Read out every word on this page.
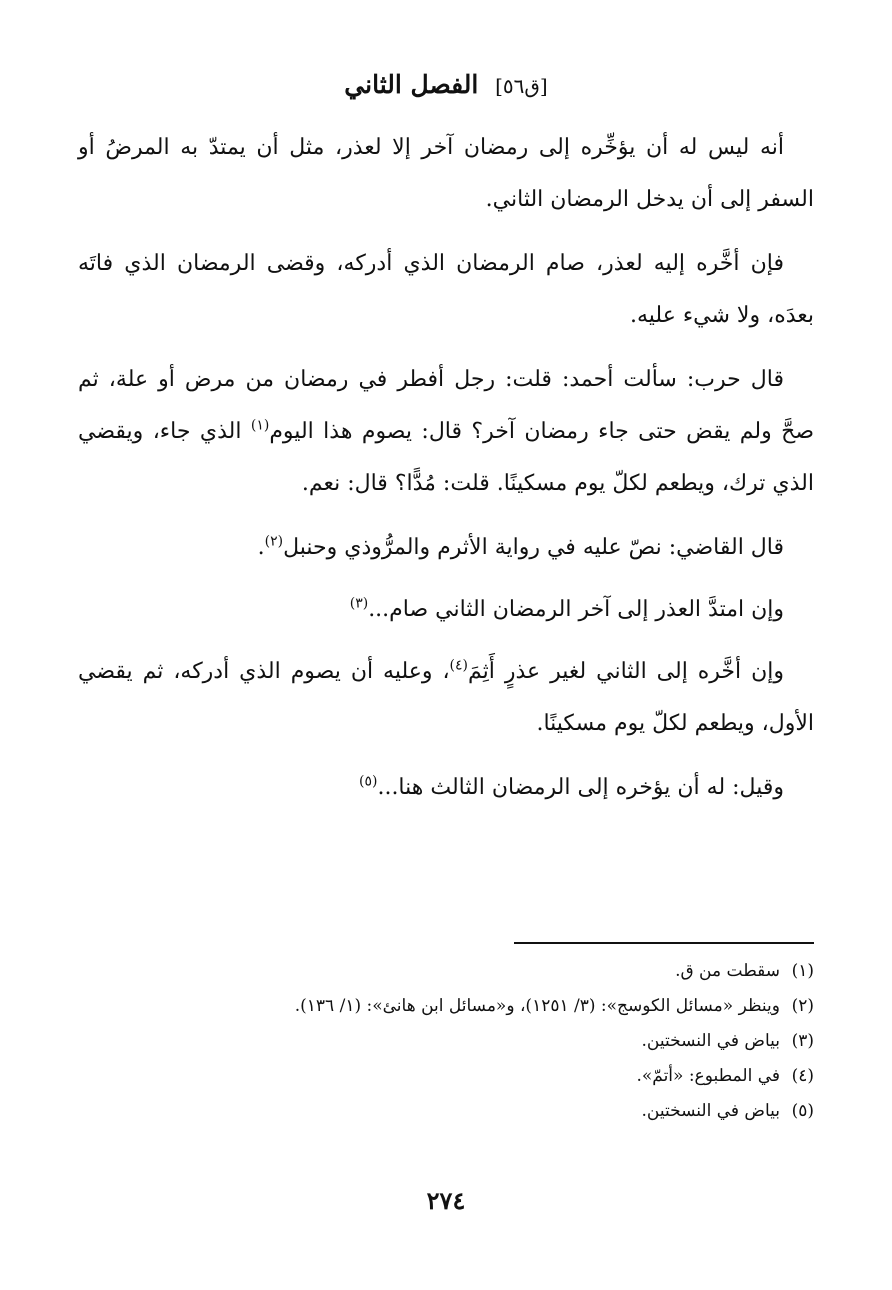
[ق٥٦] الفصل الثاني

أنه ليس له أن يؤخِّره إلى رمضان آخر إلا لعذر، مثل أن يمتدّ به المرضُ أو السفر إلى أن يدخل الرمضان الثاني.

فإن أخَّره إليه لعذر، صام الرمضان الذي أدركه، وقضى الرمضان الذي فاتَه بعدَه، ولا شيء عليه.

قال حرب: سألت أحمد: قلت: رجل أفطر في رمضان من مرض أو علة، ثم صحَّ ولم يقض حتى جاء رمضان آخر؟ قال: يصوم هذا اليوم$^{(١)}$ الذي جاء، ويقضي الذي ترك، ويطعم لكلّ يوم مسكينًا. قلت: مُدًّا؟ قال: نعم.

قال القاضي: نصّ عليه في رواية الأثرم والمرُّوذي وحنبل$^{(٢)}$.

وإن امتدَّ العذر إلى آخر الرمضان الثاني صام...$^{(٣)}$

وإن أخَّره إلى الثاني لغير عذرٍ أَثِمَ$^{(٤)}$، وعليه أن يصوم الذي أدركه، ثم يقضي الأول، ويطعم لكلّ يوم مسكينًا.

وقيل: له أن يؤخره إلى الرمضان الثالث هنا...$^{(٥)}$

(١)سقطت من ق.
(٢)وينظر «مسائل الكوسج»: (٣/ ١٢٥١)، و«مسائل ابن هانئ»: (١/ ١٣٦).
(٣)بياض في النسختين.
(٤)في المطبوع: «أتمّ».
(٥)بياض في النسختين.
٢٧٤
